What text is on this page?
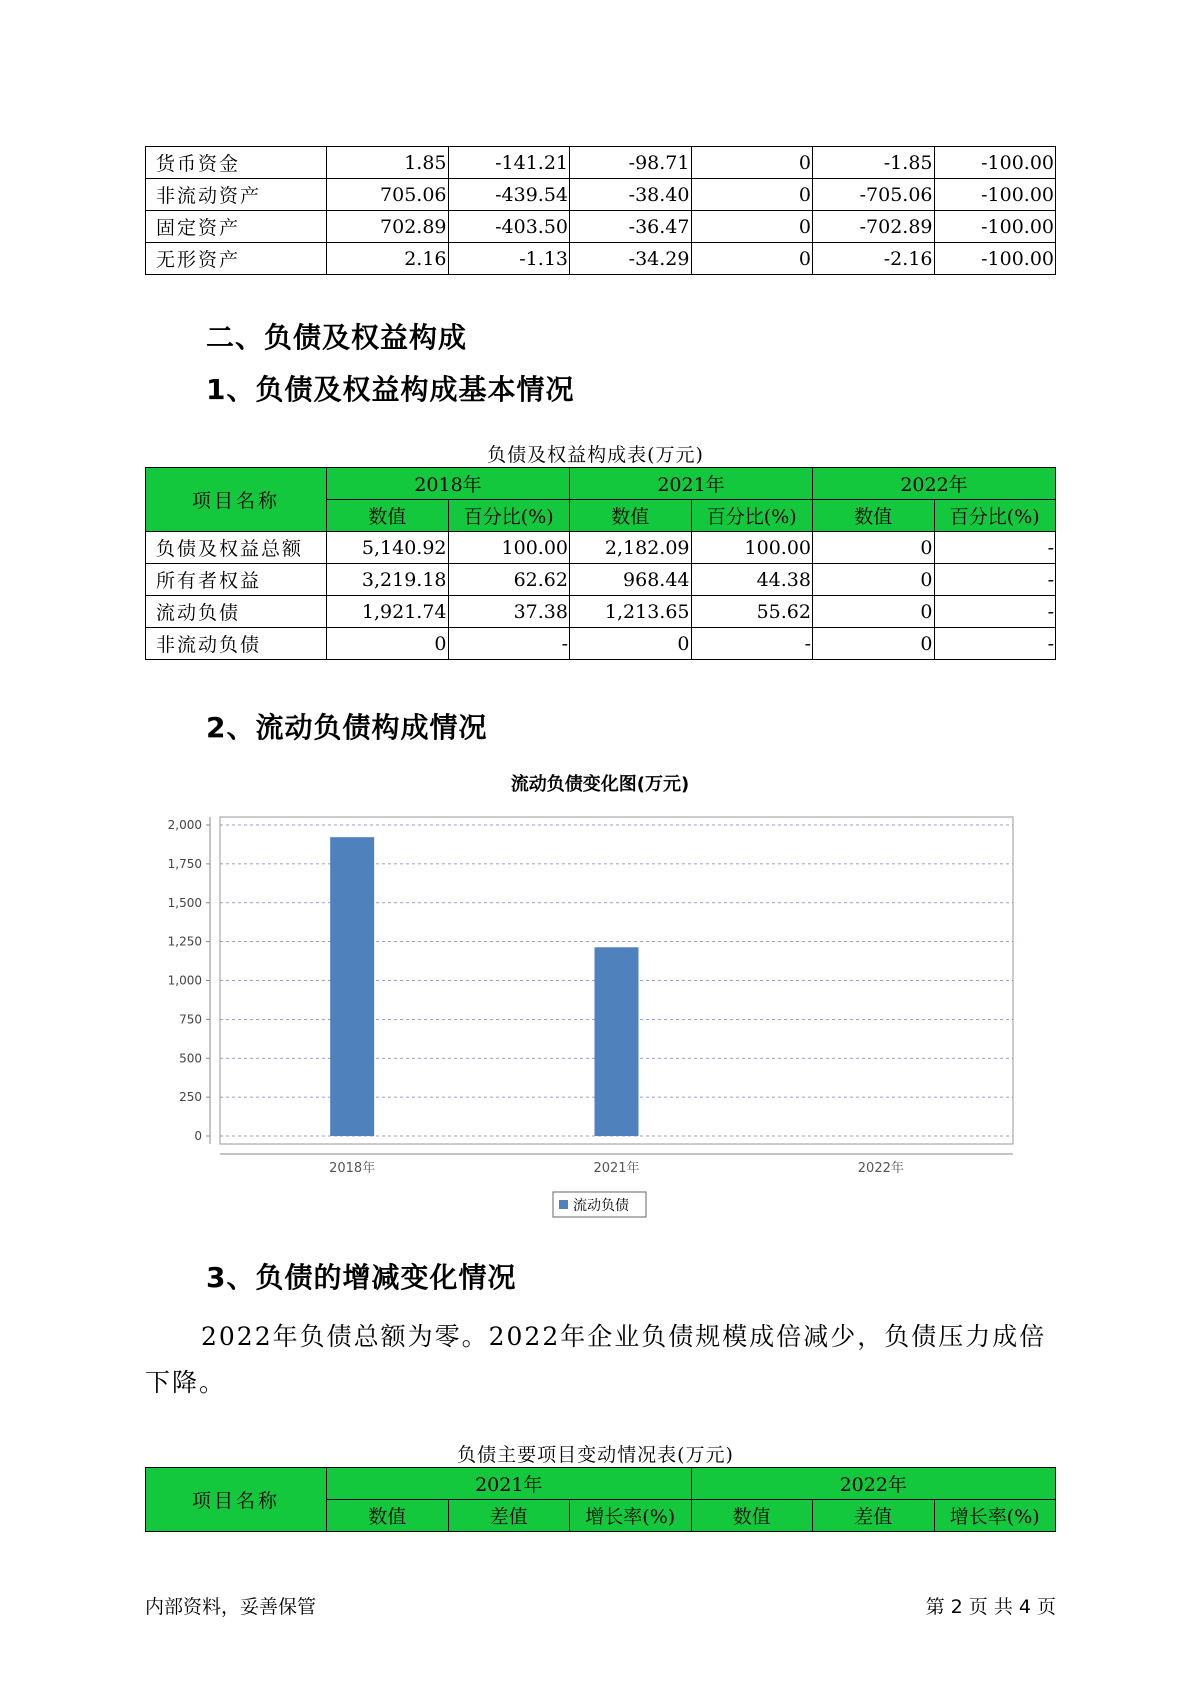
货币资金	1.85	-141.21	-98.71	0	-1.85	-100.00
非流动资产	705.06	-439.54	-38.40	0	-705.06	-100.00
固定资产	702.89	-403.50	-36.47	0	-702.89	-100.00
无形资产	2.16	-1.13	-34.29	0	-2.16	-100.00
二、负债及权益构成
1、负债及权益构成基本情况
负债及权益构成表(万元)
项目名称	2018年		2021年		2022年	
	数值	百分比(%)	数值	百分比(%)	数值	百分比(%)
负债及权益总额	5,140.92	100.00	2,182.09	100.00	0	-
所有者权益	3,219.18	62.62	968.44	44.38	0	-
流动负债	1,921.74	37.38	1,213.65	55.62	0	-
非流动负债	0	-	0	-	0	-
2、流动负债构成情况
流动负债变化图(万元)
0
250
500
750
1,000
1,250
1,500
1,750
2,000
2018年	2021年	2022年
流动负债
3、负债的增减变化情况
2022年负债总额为零。2022年企业负债规模成倍减少，负债压力成倍下降。
负债主要项目变动情况表(万元)
项目名称	2021年			2022年		
	数值	差值	增长率(%)	数值	差值	增长率(%)
内部资料，妥善保管	第 2 页 共 4 页
